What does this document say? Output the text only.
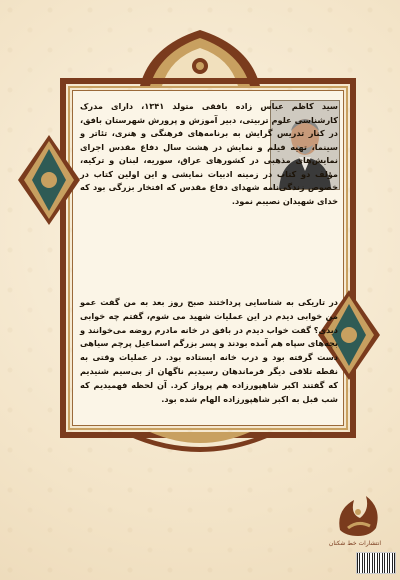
سید کاظم عباس زاده بافقی متولد ۱۳۴۱، دارای مدرک کارشناسی علوم تربیتی، دبیر آموزش و پرورش شهرستان بافق، در کنار تدریس گرایش به برنامه‌های فرهنگی و هنری، تئاتر و سینما، تهیه فیلم و نمایش در هشت سال دفاع مقدس اجرای نمایش‌های مذهبی در کشورهای عراق، سوریه، لبنان و ترکیه، مؤلف دو کتاب در زمینه ادبیات نمایشی و این اولین کتاب در خصوص زندگی‌نامه شهدای دفاع مقدس که افتخار بزرگی بود که خدای شهیدان نصیبم نمود.
در تاریکی به شناسایی پرداختند صبح روز بعد به من گفت عمو من خوابی دیدم در این عملیات شهید می شوم، گفتم چه خوابی دیدی؟ گفت خواب دیدم در بافق در خانه مادرم روضه می‌خوانند و بچه‌های سپاه هم آمده بودند و پسر بزرگم اسماعیل پرچم سیاهی دست گرفته بود و درب خانه ایستاده بود. در عملیات وقتی به نقطه تلاقی دیگر فرماندهان رسیدیم ناگهان از بی‌سیم شنیدیم که گفتند اکبر شاهپورزاده هم پرواز کرد. آن لحظه فهمیدیم که شب قبل به اکبر شاهپورزاده الهام شده بود.
انتشارات خط شکنان
